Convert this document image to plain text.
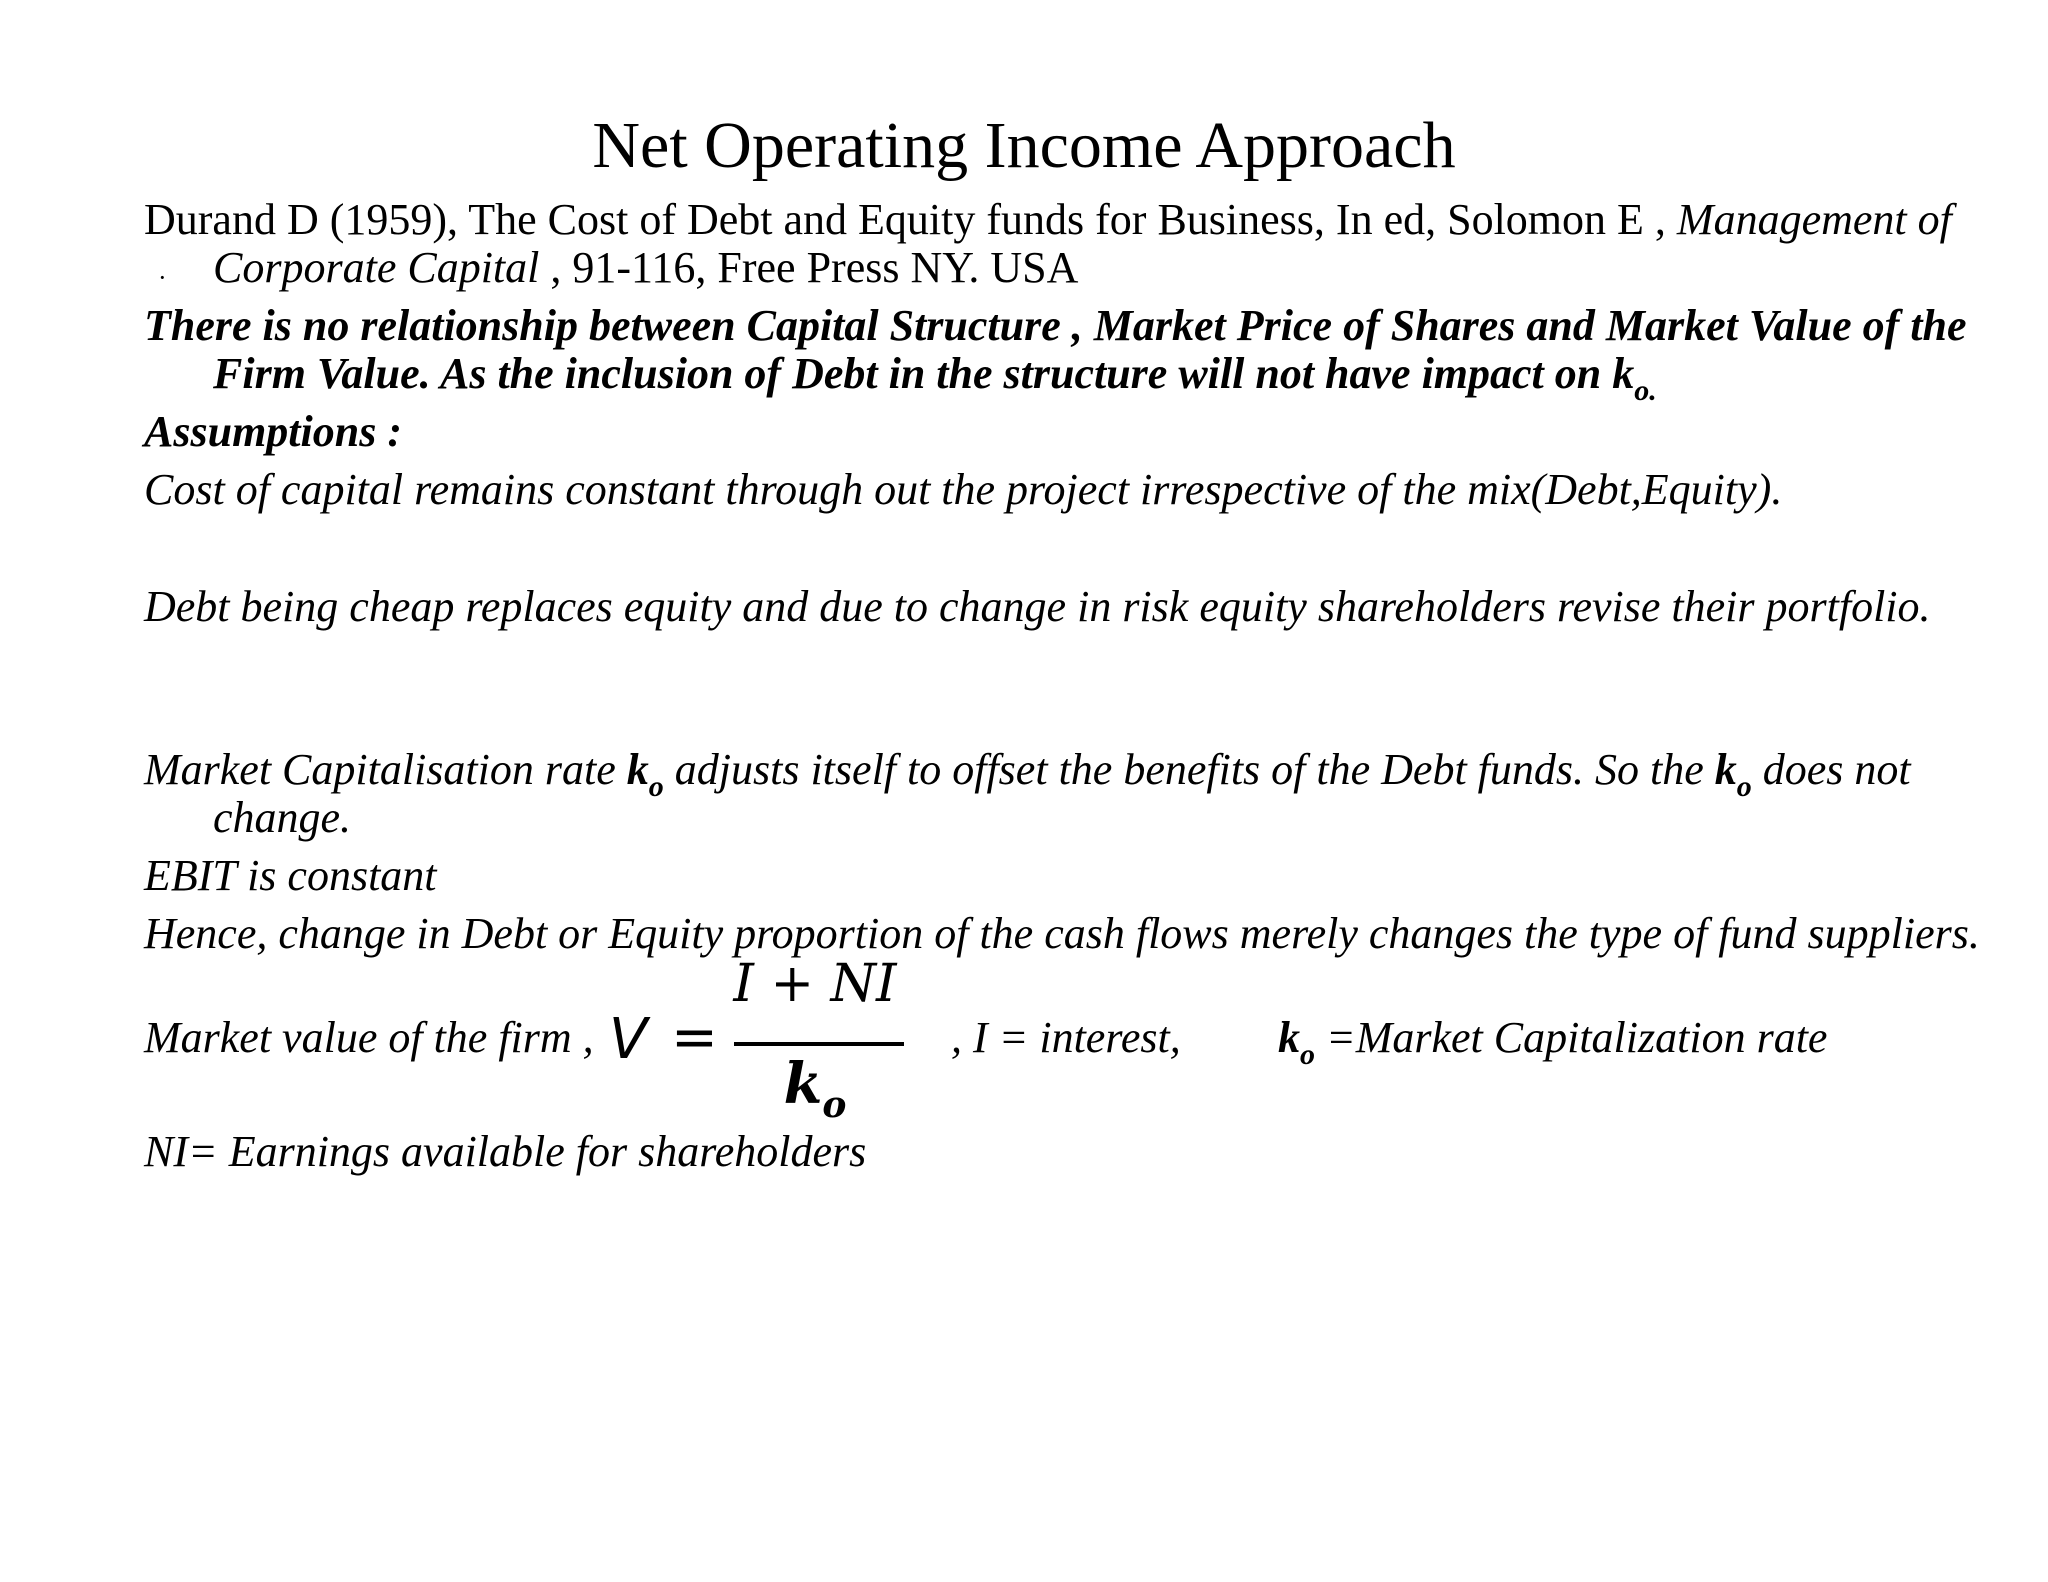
Net Operating Income Approach
·
Durand D (1959), The Cost of Debt and Equity funds for Business, In ed, Solomon E , Management of Corporate Capital , 91-116, Free Press NY. USA
There is no relationship between Capital Structure , Market Price of Shares and Market Value of the Firm Value. As the inclusion of Debt in the structure will not have impact on $k_{o.}$
Assumptions :
Cost of capital remains constant through out the project irrespective of the mix(Debt,Equity).
Debt being cheap replaces equity and due to change in risk equity shareholders revise their portfolio.
Market Capitalisation rate $k_o$ adjusts itself to offset the benefits of the Debt funds. So the $k_o$ does not change.
EBIT is constant
Hence, change in Debt or Equity proportion of the cash flows merely changes the type of fund suppliers.
Market value of the firm , V =
I + NI
$k_o$
, I = interest, $k_o$ =Market Capitalization rate
NI= Earnings available for shareholders
